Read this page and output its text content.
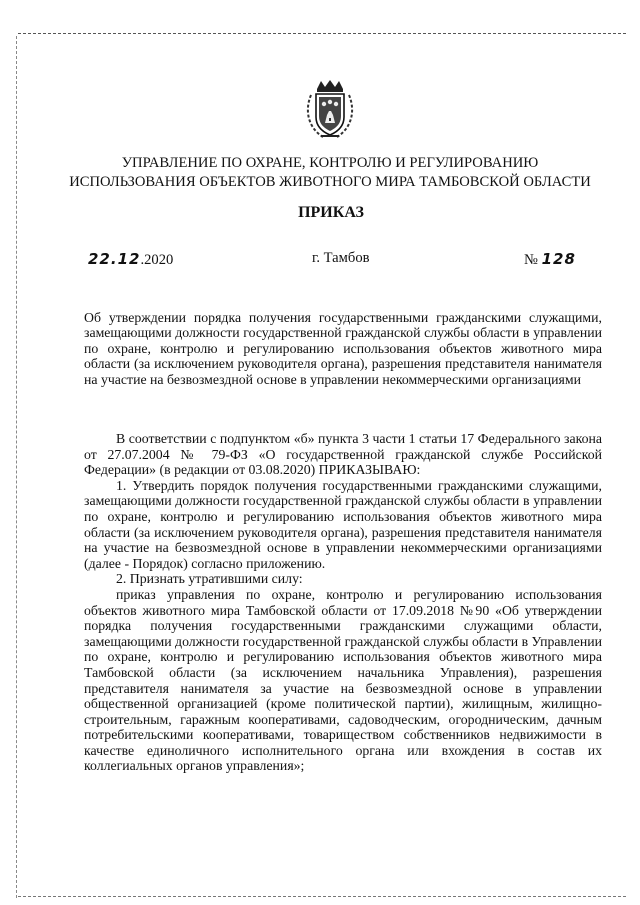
УПРАВЛЕНИЕ ПО ОХРАНЕ, КОНТРОЛЮ И РЕГУЛИРОВАНИЮ
ИСПОЛЬЗОВАНИЯ ОБЪЕКТОВ ЖИВОТНОГО МИРА ТАМБОВСКОЙ ОБЛАСТИ
ПРИКАЗ
22.12.2020	г. Тамбов	№ 128
Об утверждении порядка получения государственными гражданскими служащими, замещающими должности государственной гражданской службы области в управлении по охране, контролю и регулированию использования объектов животного мира области (за исключением руководителя органа), разрешения представителя нанимателя на участие на безвозмездной основе в управлении некоммерческими организациями

В соответствии с подпунктом «б» пункта 3 части 1 статьи 17 Федерального закона от 27.07.2004 № 79-ФЗ «О государственной гражданской службе Российской Федерации» (в редакции от 03.08.2020) ПРИКАЗЫВАЮ:

1. Утвердить порядок получения государственными гражданскими служащими, замещающими должности государственной гражданской службы области в управлении по охране, контролю и регулированию использования объектов животного мира области (за исключением руководителя органа), разрешения представителя нанимателя на участие на безвозмездной основе в управлении некоммерческими организациями (далее - Порядок) согласно приложению.

2. Признать утратившими силу:

приказ управления по охране, контролю и регулированию использования объектов животного мира Тамбовской области от 17.09.2018 №90 «Об утверждении порядка получения государственными гражданскими служащими области, замещающими должности государственной гражданской службы области в Управлении по охране, контролю и регулированию использования объектов животного мира Тамбовской области (за исключением начальника Управления), разрешения представителя нанимателя за участие на безвозмездной основе в управлении общественной организацией (кроме политической партии), жилищным, жилищно-строительным, гаражным кооперативами, садоводческим, огородническим, дачным потребительскими кооперативами, товариществом собственников недвижимости в качестве единоличного исполнительного органа или вхождения в состав их коллегиальных органов управления»;
